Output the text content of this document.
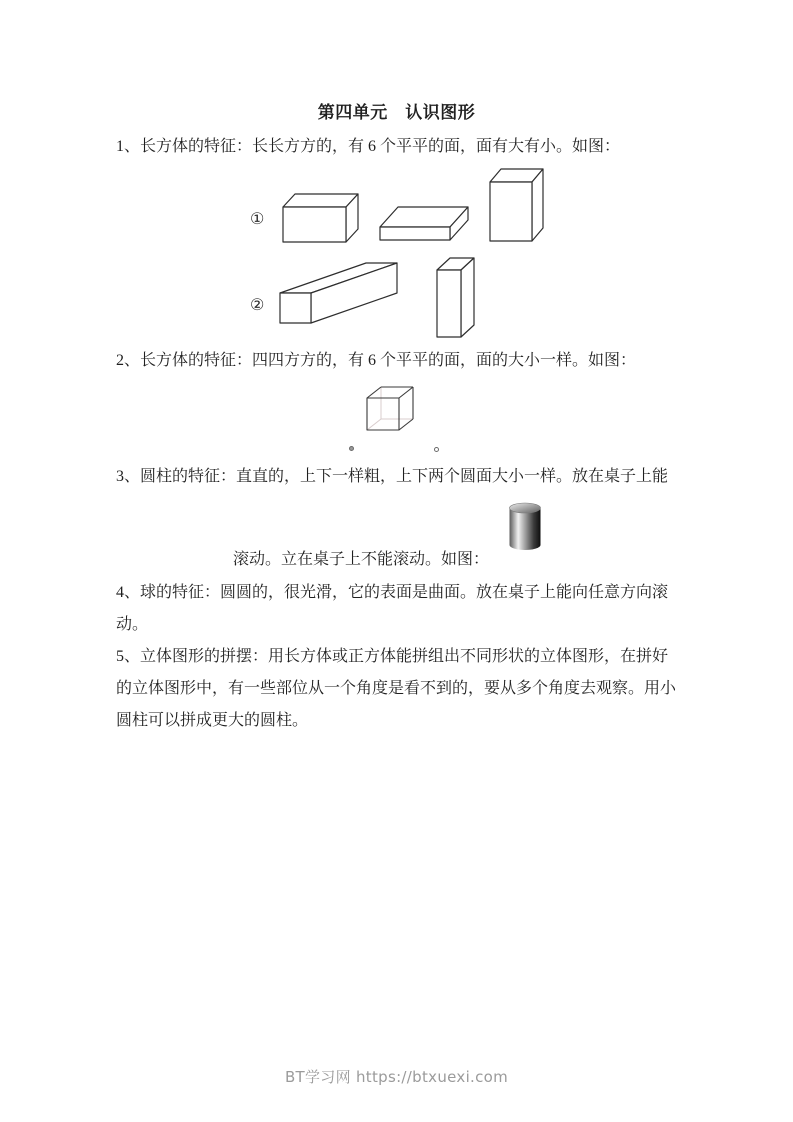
第四单元　认识图形
1、长方体的特征：长长方方的，有 6 个平平的面，面有大有小。如图：
①
②
2、长方体的特征：四四方方的，有 6 个平平的面，面的大小一样。如图：
3、圆柱的特征：直直的，上下一样粗，上下两个圆面大小一样。放在桌子上能
滚动。立在桌子上不能滚动。如图：
4、球的特征：圆圆的，很光滑，它的表面是曲面。放在桌子上能向任意方向滚
动。
5、立体图形的拼摆：用长方体或正方体能拼组出不同形状的立体图形，在拼好
的立体图形中，有一些部位从一个角度是看不到的，要从多个角度去观察。用小
圆柱可以拼成更大的圆柱。
BT学习网 https://btxuexi.com
